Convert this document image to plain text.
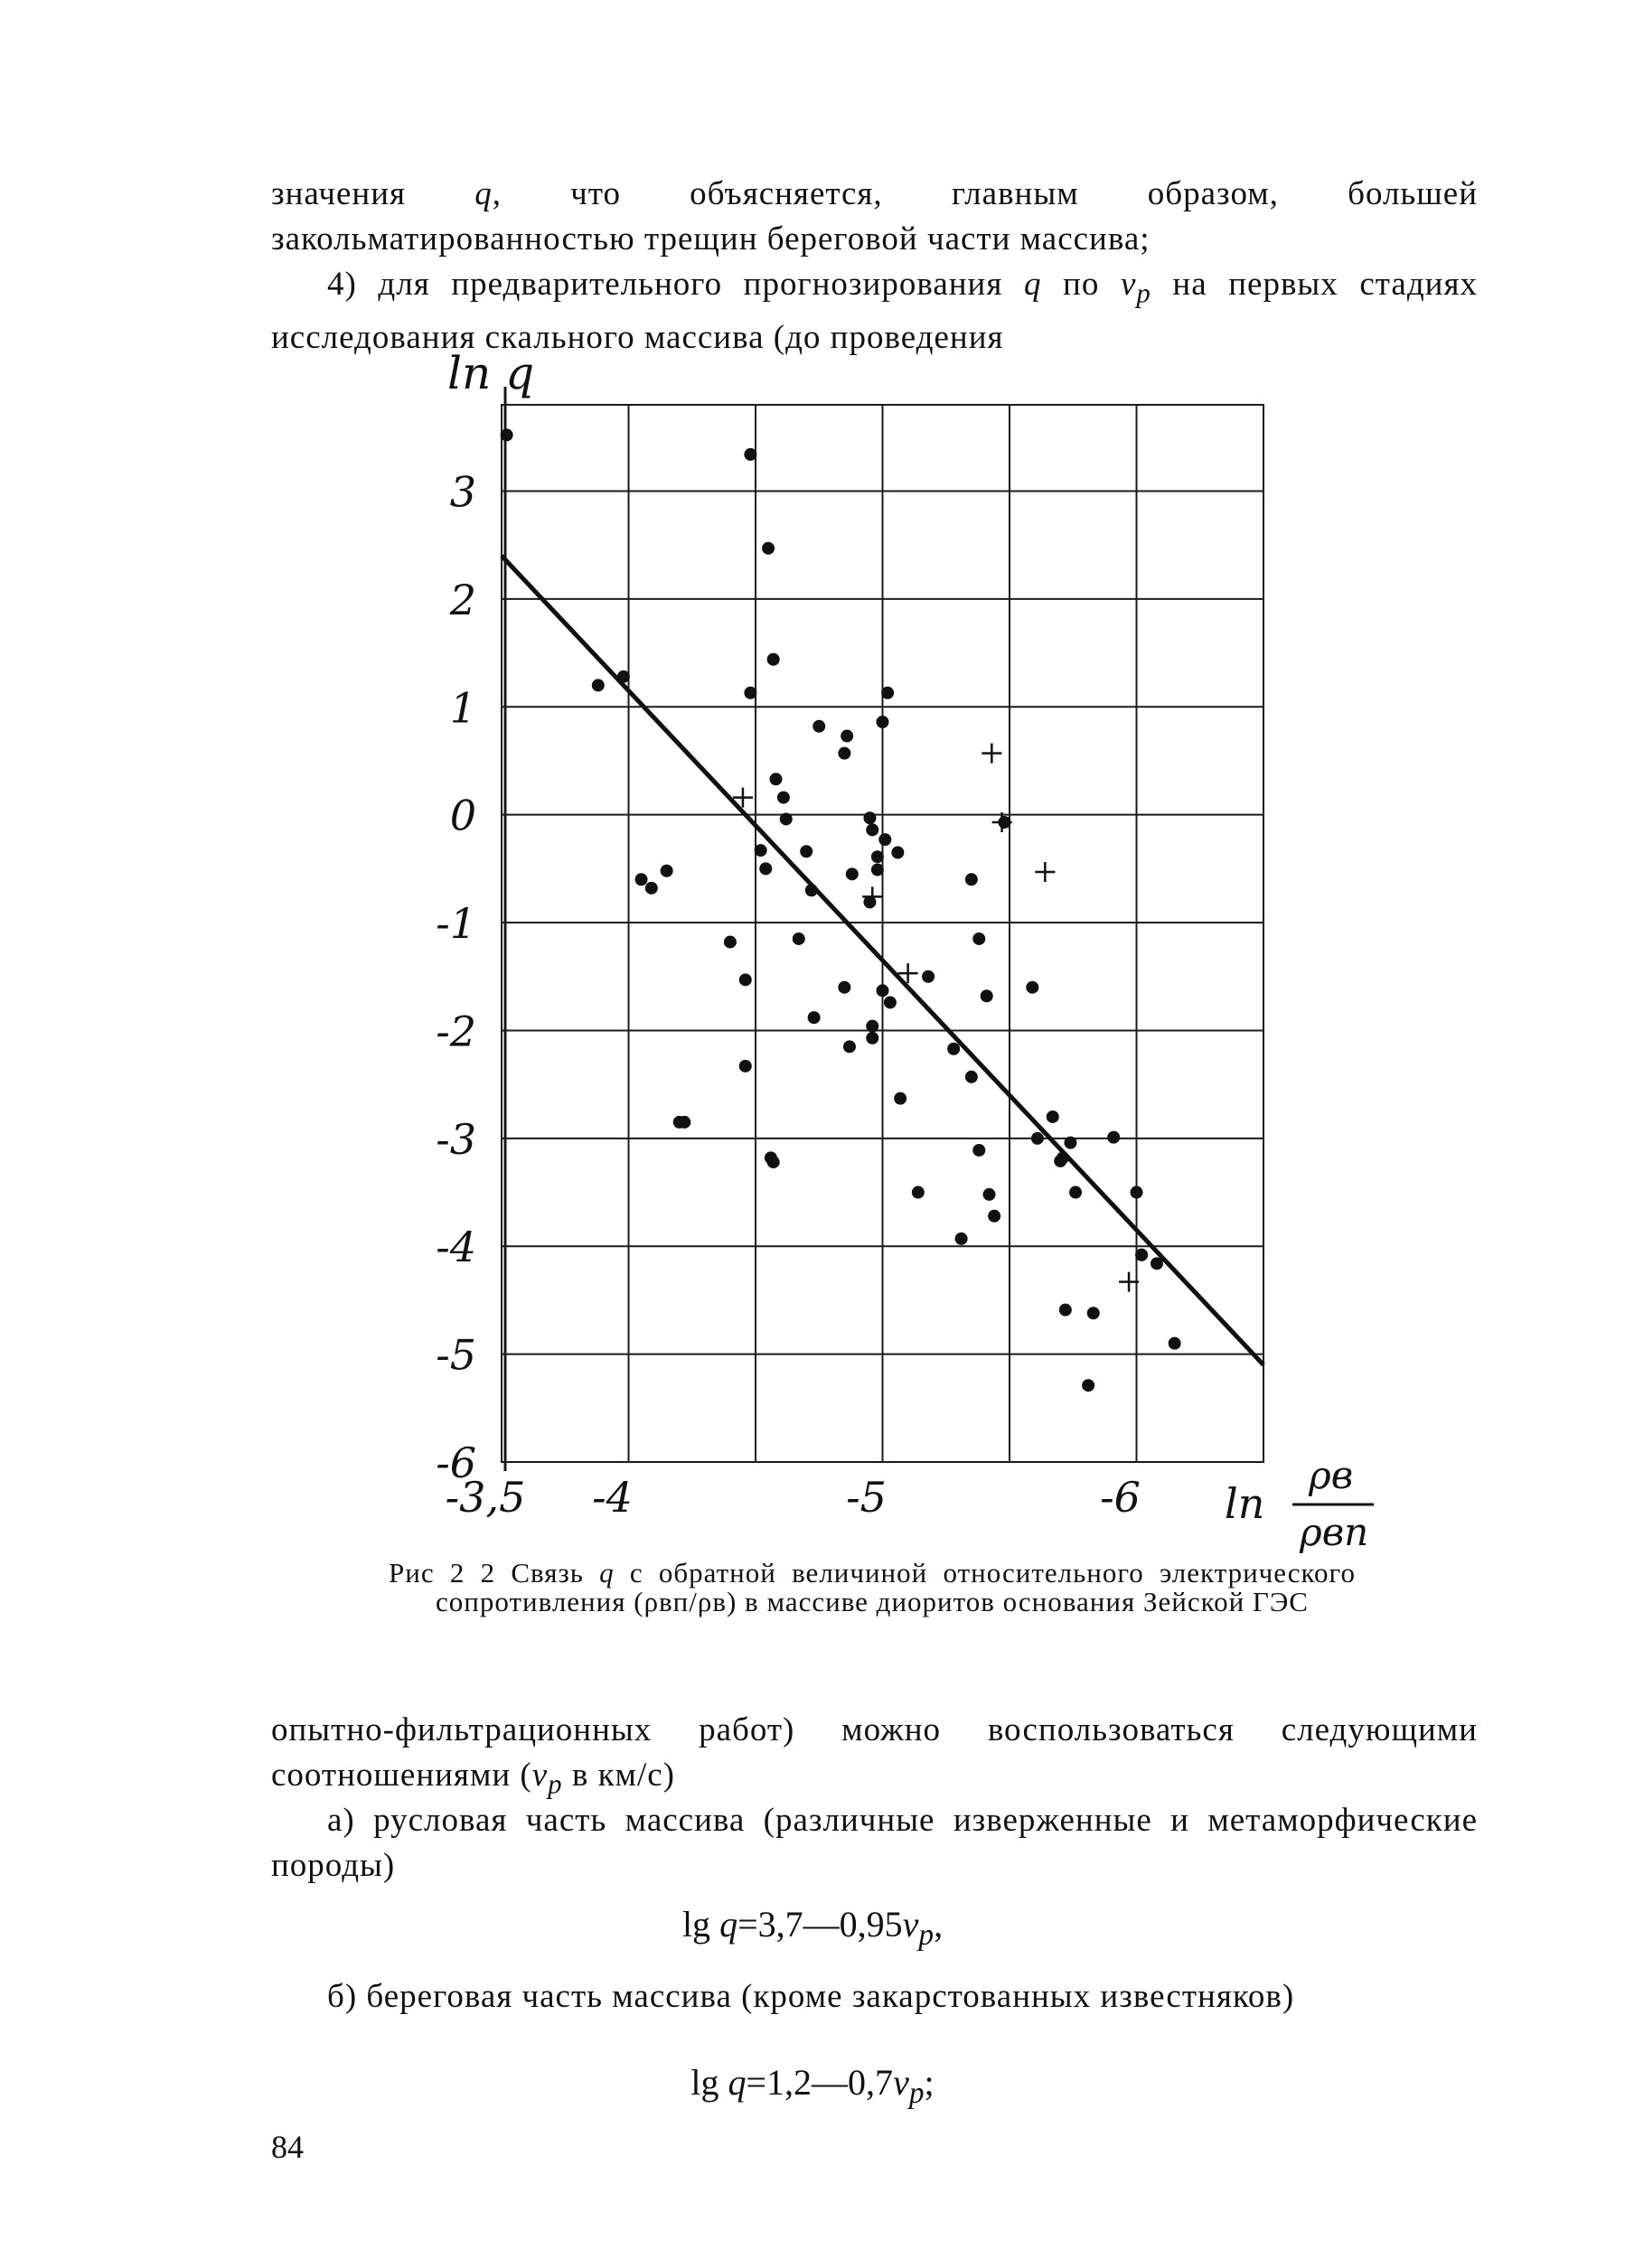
значения q, что объясняется, главным образом, большей закольматированностью трещин береговой части массива;

4) для предварительного прогнозирования q по $v_p$ на первых стадиях исследования скального массива (до проведения

3
2
1
0
-1
-2
-3
-4
-5
-6
-3,5 -4	-5	-6
ln q
ln
ρв
ρвп

Рис 2 2 Связь q с обратной величиной относительного электрического сопротивления (ρвп/ρв) в массиве диоритов основания Зейской ГЭС

опытно-фильтрационных работ) можно воспользоваться следующими соотношениями ($v_p$ в км/с)

а) русловая часть массива (различные изверженные и метаморфические породы)

$\lg q=3,7—0,95v_p$,

б) береговая часть массива (кроме закарстованных известняков)

$\lg q=1,2—0,7v_p$;

84
